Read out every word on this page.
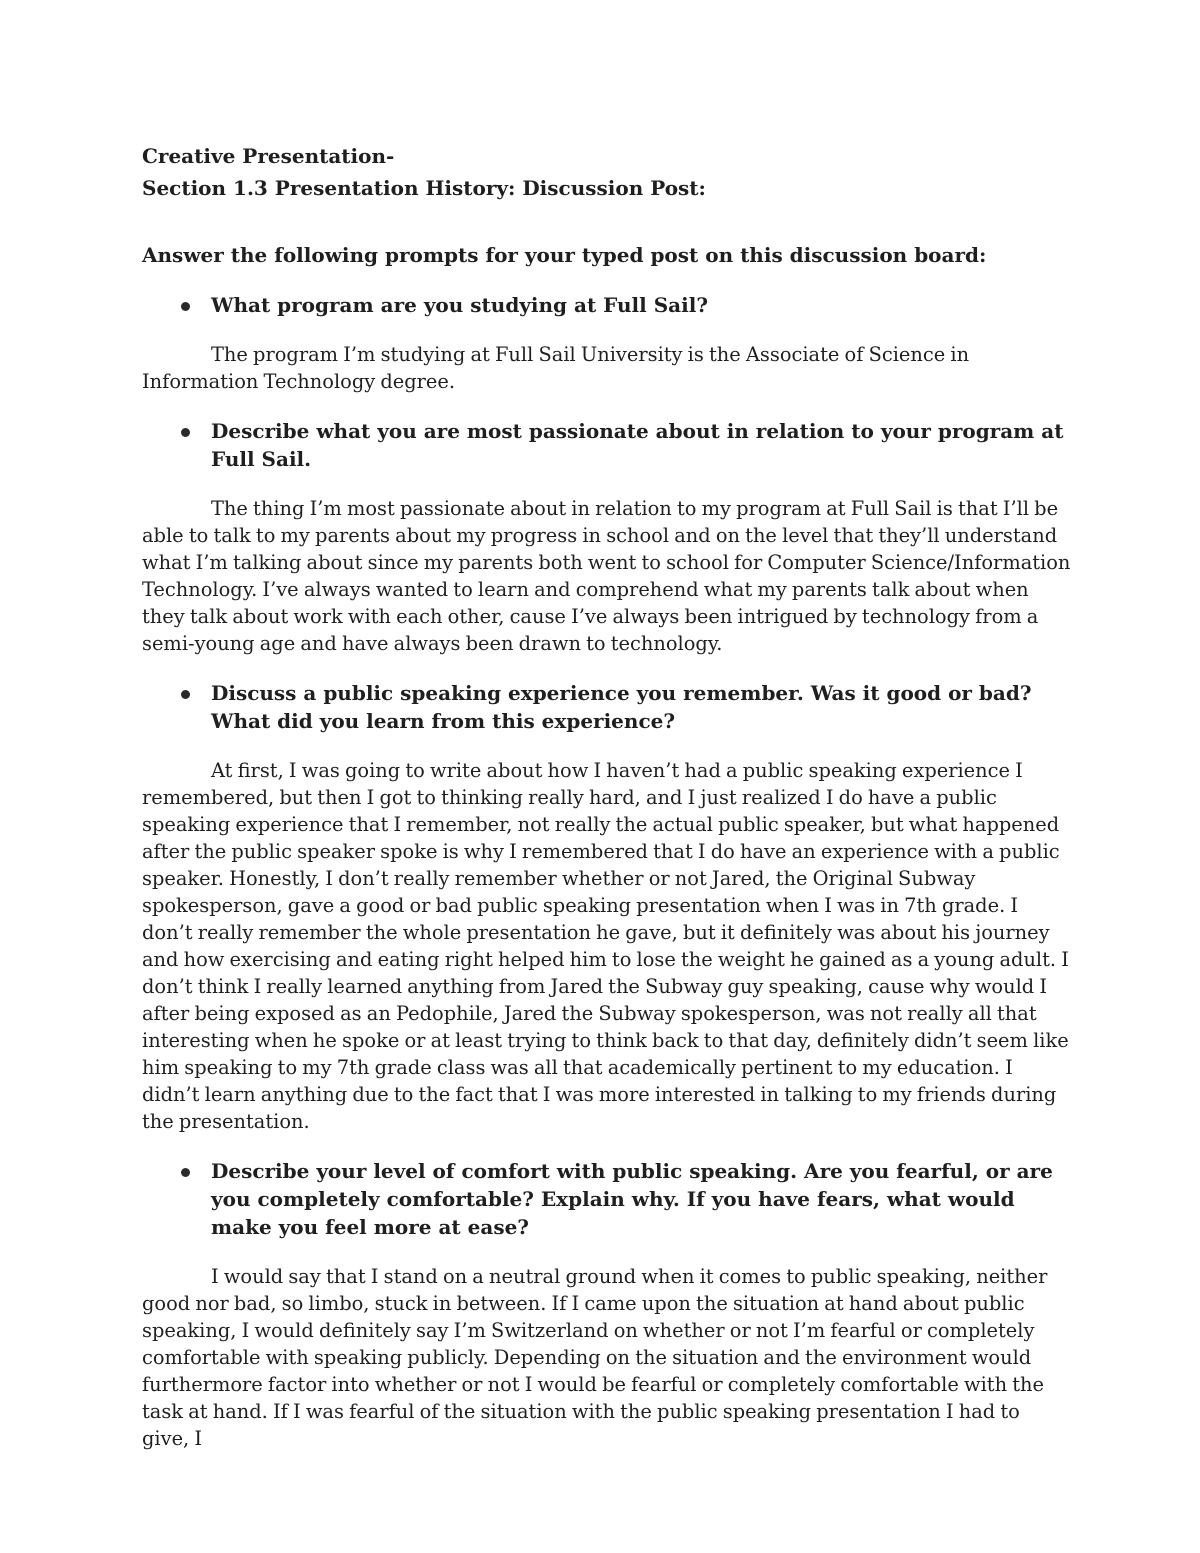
Creative Presentation-
Section 1.3 Presentation History: Discussion Post:

Answer the following prompts for your typed post on this discussion board:

What program are you studying at Full Sail?

The program I’m studying at Full Sail University is the Associate of Science in Information Technology degree.

Describe what you are most passionate about in relation to your program at Full Sail.

The thing I’m most passionate about in relation to my program at Full Sail is that I’ll be able to talk to my parents about my progress in school and on the level that they’ll understand what I’m talking about since my parents both went to school for Computer Science/Information Technology. I’ve always wanted to learn and comprehend what my parents talk about when they talk about work with each other, cause I’ve always been intrigued by technology from a semi-young age and have always been drawn to technology.

Discuss a public speaking experience you remember. Was it good or bad? What did you learn from this experience?

At first, I was going to write about how I haven’t had a public speaking experience I remembered, but then I got to thinking really hard, and I just realized I do have a public speaking experience that I remember, not really the actual public speaker, but what happened after the public speaker spoke is why I remembered that I do have an experience with a public speaker. Honestly, I don’t really remember whether or not Jared, the Original Subway spokesperson, gave a good or bad public speaking presentation when I was in 7th grade. I don’t really remember the whole presentation he gave, but it definitely was about his journey and how exercising and eating right helped him to lose the weight he gained as a young adult. I don’t think I really learned anything from Jared the Subway guy speaking, cause why would I after being exposed as an Pedophile, Jared the Subway spokesperson, was not really all that interesting when he spoke or at least trying to think back to that day, definitely didn’t seem like him speaking to my 7th grade class was all that academically pertinent to my education. I didn’t learn anything due to the fact that I was more interested in talking to my friends during the presentation.

Describe your level of comfort with public speaking. Are you fearful, or are you completely comfortable? Explain why. If you have fears, what would make you feel more at ease?

I would say that I stand on a neutral ground when it comes to public speaking, neither good nor bad, so limbo, stuck in between. If I came upon the situation at hand about public speaking, I would definitely say I’m Switzerland on whether or not I’m fearful or completely comfortable with speaking publicly. Depending on the situation and the environment would furthermore factor into whether or not I would be fearful or completely comfortable with the task at hand. If I was fearful of the situation with the public speaking presentation I had to give, I
